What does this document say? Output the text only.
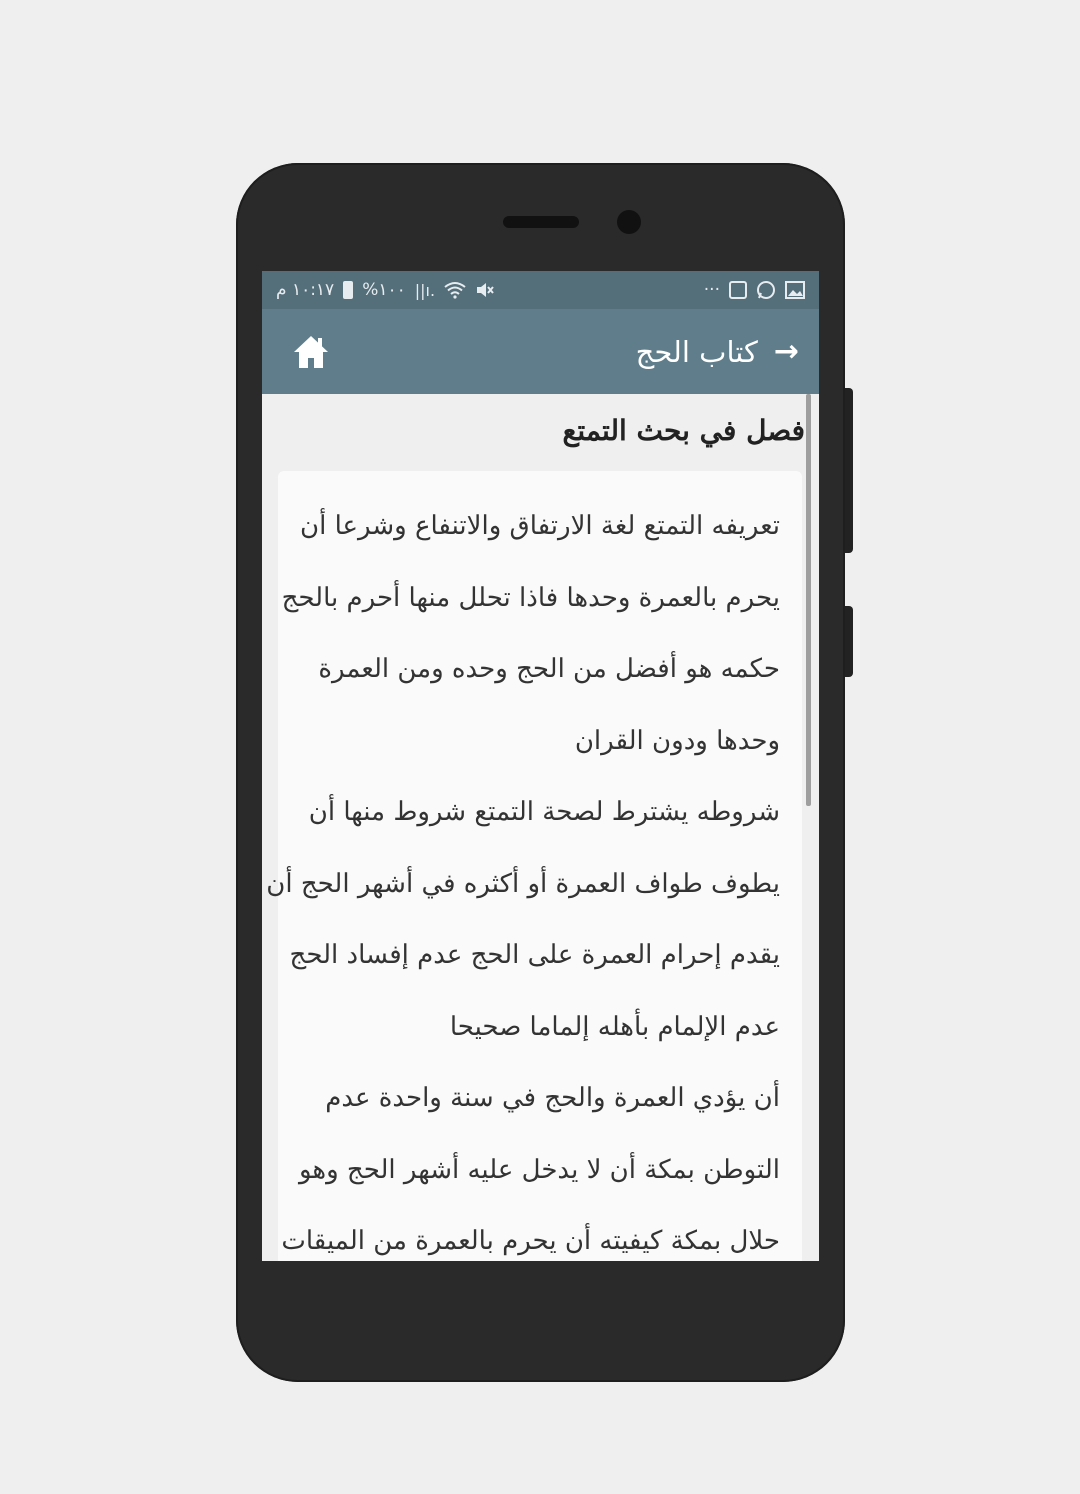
١٠:١٧ م %١٠٠ ||ı.	···
→
كتاب الحج
فصل في بحث التمتع
تعريفه التمتع لغة الارتفاق والاتنفاع وشرعا أن
يحرم بالعمرة وحدها فاذا تحلل منها أحرم بالحج
حكمه هو أفضل من الحج وحده ومن العمرة
وحدها ودون القران
شروطه يشترط لصحة التمتع شروط منها أن
يطوف طواف العمرة أو أكثره في أشهر الحج أن
يقدم إحرام العمرة على الحج عدم إفساد الحج
عدم الإلمام بأهله إلماما صحيحا
أن يؤدي العمرة والحج في سنة واحدة عدم
التوطن بمكة أن لا يدخل عليه أشهر الحج وهو
حلال بمكة كيفيته أن يحرم بالعمرة من الميقات
